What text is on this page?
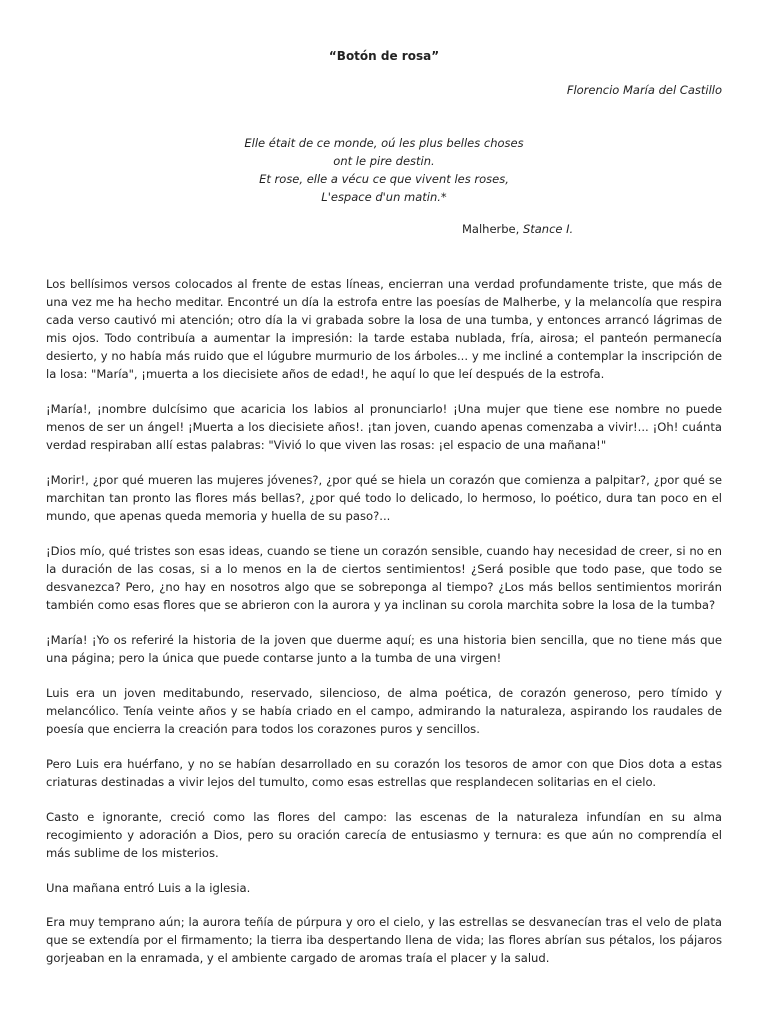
“Botón de rosa”
Florencio María del Castillo
Elle était de ce monde, oú les plus belles choses
ont le pire destin.
Et rose, elle a vécu ce que vivent les roses,
L'espace d'un matin.*
Malherbe, Stance I.

Los bellísimos versos colocados al frente de estas líneas, encierran una verdad profundamente triste, que más de una vez me ha hecho meditar. Encontré un día la estrofa entre las poesías de Malherbe, y la melancolía que respira cada verso cautivó mi atención; otro día la vi grabada sobre la losa de una tumba, y entonces arrancó lágrimas de mis ojos. Todo contribuía a aumentar la impresión: la tarde estaba nublada, fría, airosa; el panteón permanecía desierto, y no había más ruido que el lúgubre murmurio de los árboles... y me incliné a contemplar la inscripción de la losa: "María", ¡muerta a los diecisiete años de edad!, he aquí lo que leí después de la estrofa.

¡María!, ¡nombre dulcísimo que acaricia los labios al pronunciarlo! ¡Una mujer que tiene ese nombre no puede menos de ser un ángel! ¡Muerta a los diecisiete años!. ¡tan joven, cuando apenas comenzaba a vivir!... ¡Oh! cuánta verdad respiraban allí estas palabras: "Vivió lo que viven las rosas: ¡el espacio de una mañana!"

¡Morir!, ¿por qué mueren las mujeres jóvenes?, ¿por qué se hiela un corazón que comienza a palpitar?, ¿por qué se marchitan tan pronto las flores más bellas?, ¿por qué todo lo delicado, lo hermoso, lo poético, dura tan poco en el mundo, que apenas queda memoria y huella de su paso?...

¡Dios mío, qué tristes son esas ideas, cuando se tiene un corazón sensible, cuando hay necesidad de creer, si no en la duración de las cosas, si a lo menos en la de ciertos sentimientos! ¿Será posible que todo pase, que todo se desvanezca? Pero, ¿no hay en nosotros algo que se sobreponga al tiempo? ¿Los más bellos sentimientos morirán también como esas flores que se abrieron con la aurora y ya inclinan su corola marchita sobre la losa de la tumba?

¡María! ¡Yo os referiré la historia de la joven que duerme aquí; es una historia bien sencilla, que no tiene más que una página; pero la única que puede contarse junto a la tumba de una virgen!

Luis era un joven meditabundo, reservado, silencioso, de alma poética, de corazón generoso, pero tímido y melancólico. Tenía veinte años y se había criado en el campo, admirando la naturaleza, aspirando los raudales de poesía que encierra la creación para todos los corazones puros y sencillos.

Pero Luis era huérfano, y no se habían desarrollado en su corazón los tesoros de amor con que Dios dota a estas criaturas destinadas a vivir lejos del tumulto, como esas estrellas que resplandecen solitarias en el cielo.

Casto e ignorante, creció como las flores del campo: las escenas de la naturaleza infundían en su alma recogimiento y adoración a Dios, pero su oración carecía de entusiasmo y ternura: es que aún no comprendía el más sublime de los misterios.

Una mañana entró Luis a la iglesia.

Era muy temprano aún; la aurora teñía de púrpura y oro el cielo, y las estrellas se desvanecían tras el velo de plata que se extendía por el firmamento; la tierra iba despertando llena de vida; las flores abrían sus pétalos, los pájaros gorjeaban en la enramada, y el ambiente cargado de aromas traía el placer y la salud.
